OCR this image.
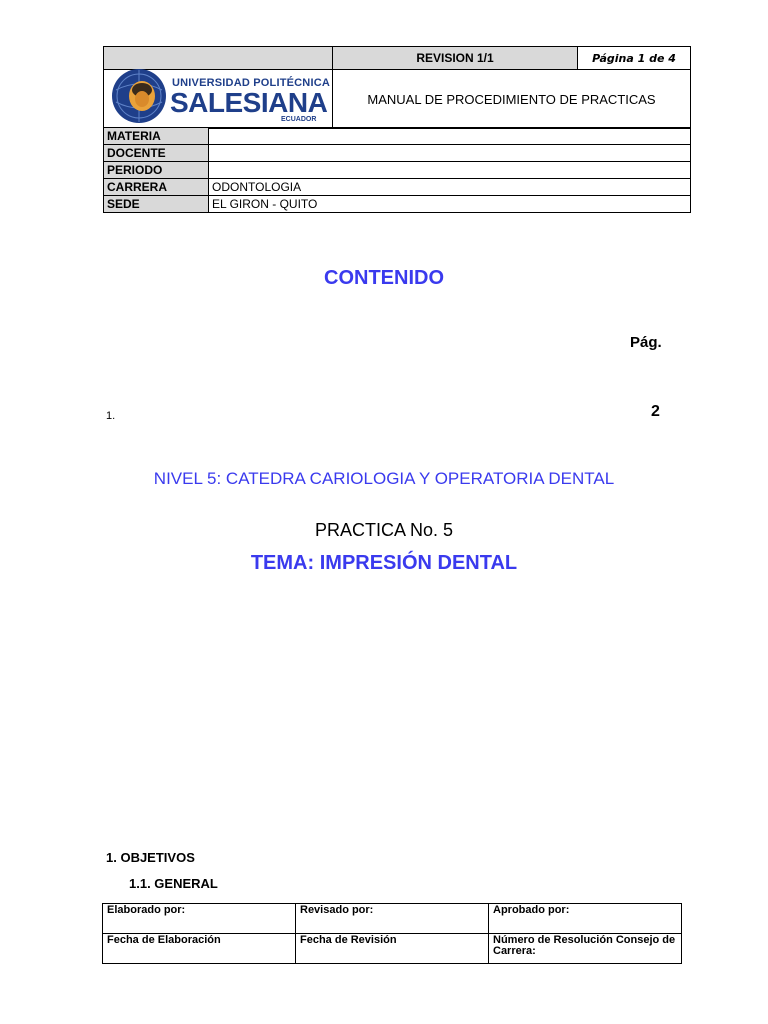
	REVISION 1/1	Página 1 de 4
	MANUAL DE PROCEDIMIENTO DE PRACTICAS	
UNIVERSIDAD POLITÉCNICA
SALESIANA
ECUADOR
MATERIA	
DOCENTE	
PERIODO	
CARRERA	ODONTOLOGIA
SEDE	EL GIRON - QUITO
CONTENIDO
Pág.
1.	2
NIVEL 5: CATEDRA CARIOLOGIA Y OPERATORIA DENTAL
PRACTICA No. 5
TEMA: IMPRESIÓN DENTAL
1. OBJETIVOS
1.1. GENERAL
Elaborado por:	Revisado por:	Aprobado por:
Fecha de Elaboración	Fecha de Revisión	Número de Resolución Consejo de Carrera:
